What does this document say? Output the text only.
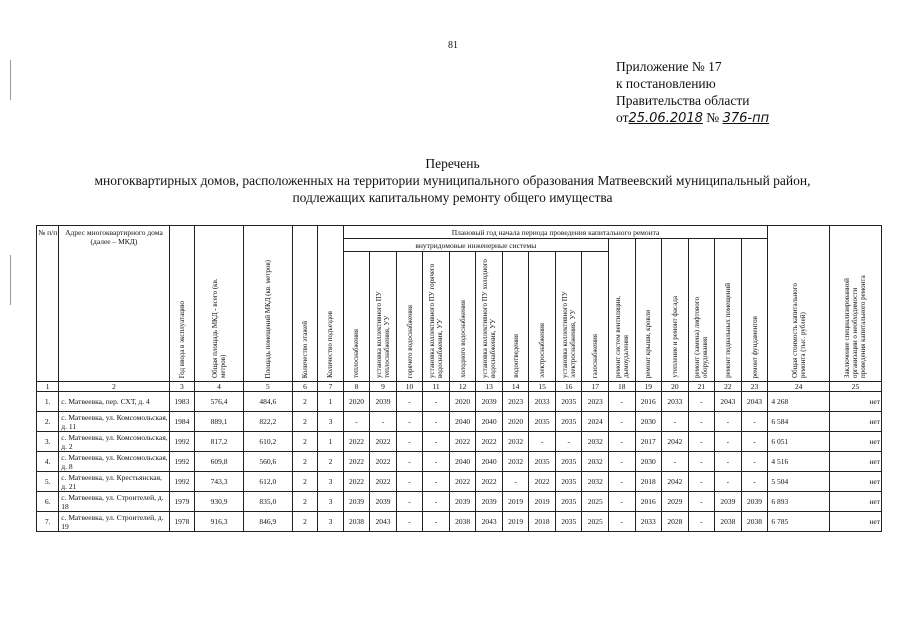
81
Приложение № 17
к постановлению
Правительства области
от25.06.2018 № 376-пп
Перечень
многоквартирных домов, расположенных на территории муниципального образования Матвеевский муниципальный район,
подлежащих капитальному ремонту общего имущества
№ п/п	Адрес многоквартирного дома (далее – МКД)	Год ввода в эксплуатацию	Общая площадь МКД - всего (кв. метров)	Площадь помещений МКД (кв. метров)	Количество этажей	Количество подъездов	Плановый год начала периода проведения капитального ремонта																Общая стоимость капитального ремонта (тыс. рублей)	Заключение специализированной организации о необходимости проведения капитального ремонта

							внутридомовые инженерные системы										ремонт систем вентиляции, дымоудаления	ремонт крыши, кровли	утепление и ремонт фасада	ремонт (замена) лифтового оборудования	ремонт подвальных помещений	ремонт фундаментов		

							теплоснабжения	установка коллективного ПУ теплоснабжения, УУ	горячего водоснабжения	установка коллективного ПУ горячего водоснабжения, УУ	холодного водоснабжения	установка коллективного ПУ холодного водоснабжения, УУ	водоотведения	электроснабжения	установка коллективного ПУ электроснабжения, УУ	газоснабжения								

1	2	3	4	5	6	7	8	9	10	11	12	13	14	15	16	17	18	19	20	21	22	23	24	25
1.	с. Матвеевка, пер. СХТ, д. 4	1983	576,4	484,6	2	1	2020	2039	-	-	2020	2039	2023	2033	2035	2023	-	2016	2033	-	2043	2043	4 268	нет
2.	с. Матвеевка, ул. Комсомольская, д. 11	1984	889,1	822,2	2	3	-	-	-	-	2040	2040	2020	2035	2035	2024	-	2030	-	-	-	-	6 584	нет
3.	с. Матвеевка, ул. Комсомольская, д. 2	1992	817,2	610,2	2	1	2022	2022	-	-	2022	2022	2032	-	-	2032	-	2017	2042	-	-	-	6 051	нет
4.	с. Матвеевка, ул. Комсомольская, д. 8	1992	609,8	560,6	2	2	2022	2022	-	-	2040	2040	2032	2035	2035	2032	-	2030	-	-	-	-	4 516	нет
5.	с. Матвеевка, ул. Крестьянская, д. 21	1992	743,3	612,0	2	3	2022	2022	-	-	2022	2022	-	2022	2035	2032	-	2018	2042	-	-	-	5 504	нет
6.	с. Матвеевка, ул. Строителей, д. 18	1979	930,9	835,0	2	3	2039	2039	-	-	2039	2039	2019	2019	2035	2025	-	2016	2029	-	2039	2039	6 893	нет
7.	с. Матвеевка, ул. Строителей, д. 19	1978	916,3	846,9	2	3	2038	2043	-	-	2038	2043	2019	2018	2035	2025	-	2033	2028	-	2038	2038	6 785	нет
